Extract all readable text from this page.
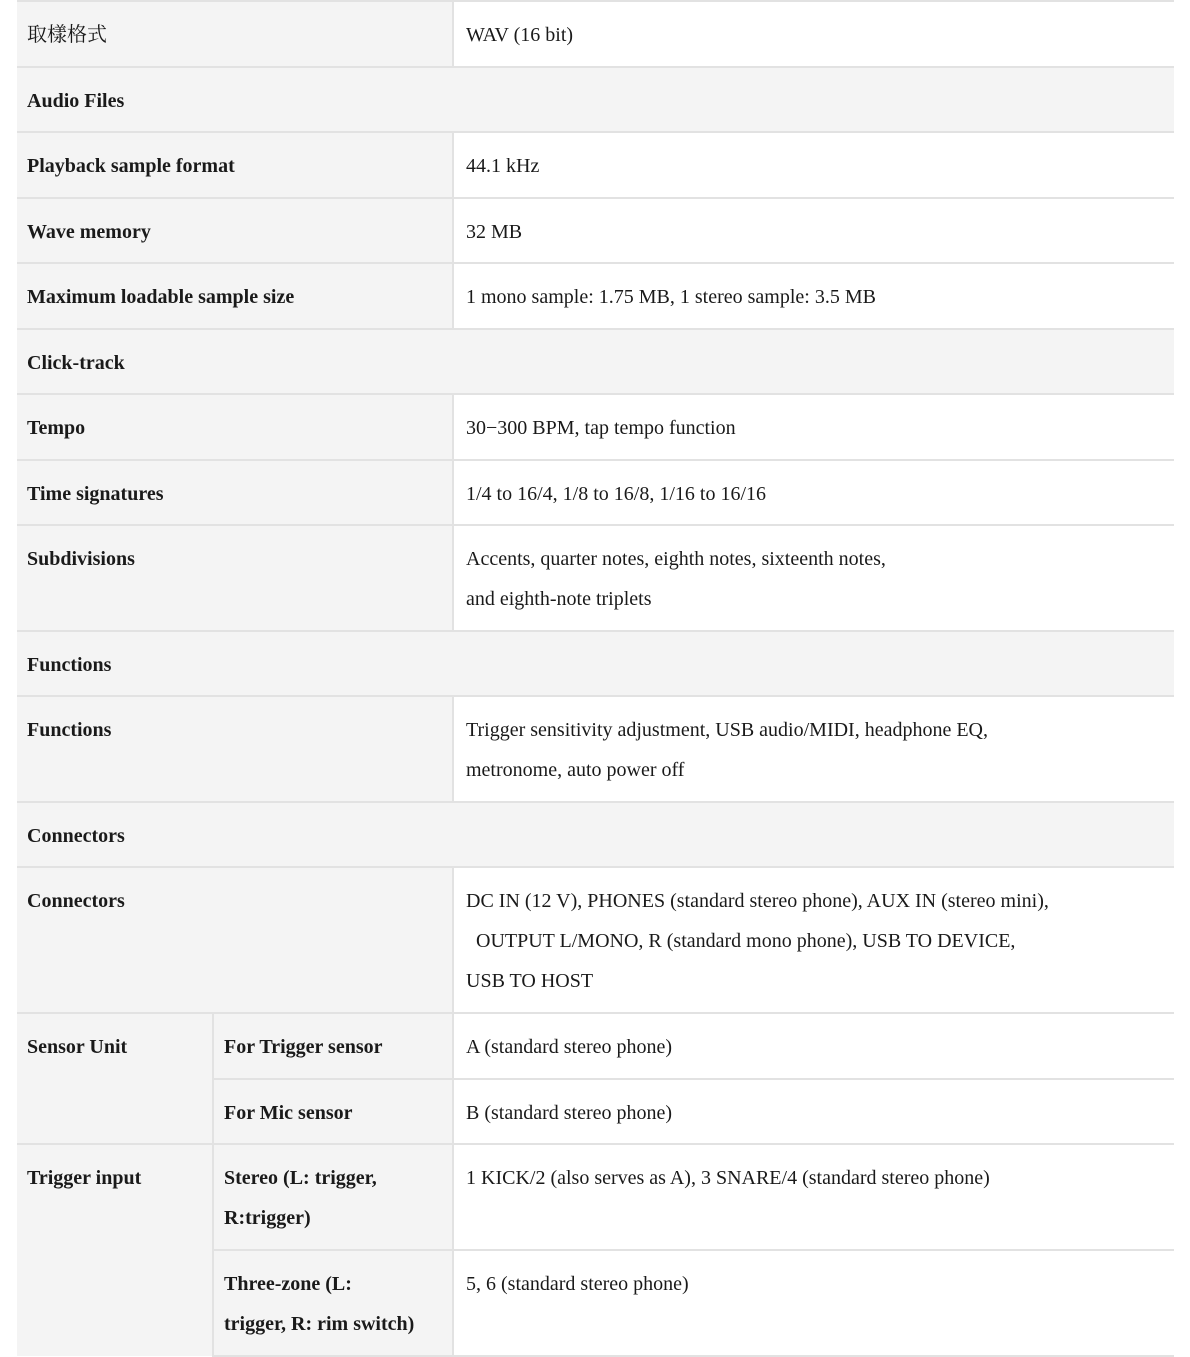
取樣格式		WAV (16 bit)
Audio Files		
Playback sample format		44.1 kHz
Wave memory		32 MB
Maximum loadable sample size		1 mono sample: 1.75 MB, 1 stereo sample: 3.5 MB
Click-track		
Tempo		30−300 BPM, tap tempo function
Time signatures		1/4 to 16/4, 1/8 to 16/8, 1/16 to 16/16
Subdivisions		Accents, quarter notes, eighth notes, sixteenth notes,
and eighth-note triplets

Functions		
Functions		Trigger sensitivity adjustment, USB audio/MIDI, headphone EQ,
metronome, auto power off

Connectors		
Connectors		DC IN (12 V), PHONES (standard stereo phone), AUX IN (stereo mini),
OUTPUT L/MONO, R (standard mono phone), USB TO DEVICE,
USB TO HOST

Sensor Unit	For Trigger sensor	A (standard stereo phone)
	For Mic sensor	B (standard stereo phone)
Trigger input	Stereo (L: trigger,
R:trigger)	1 KICK/2 (also serves as A), 3 SNARE/4 (standard stereo phone)

	Three-zone (L:
trigger, R: rim switch)	5, 6 (standard stereo phone)
